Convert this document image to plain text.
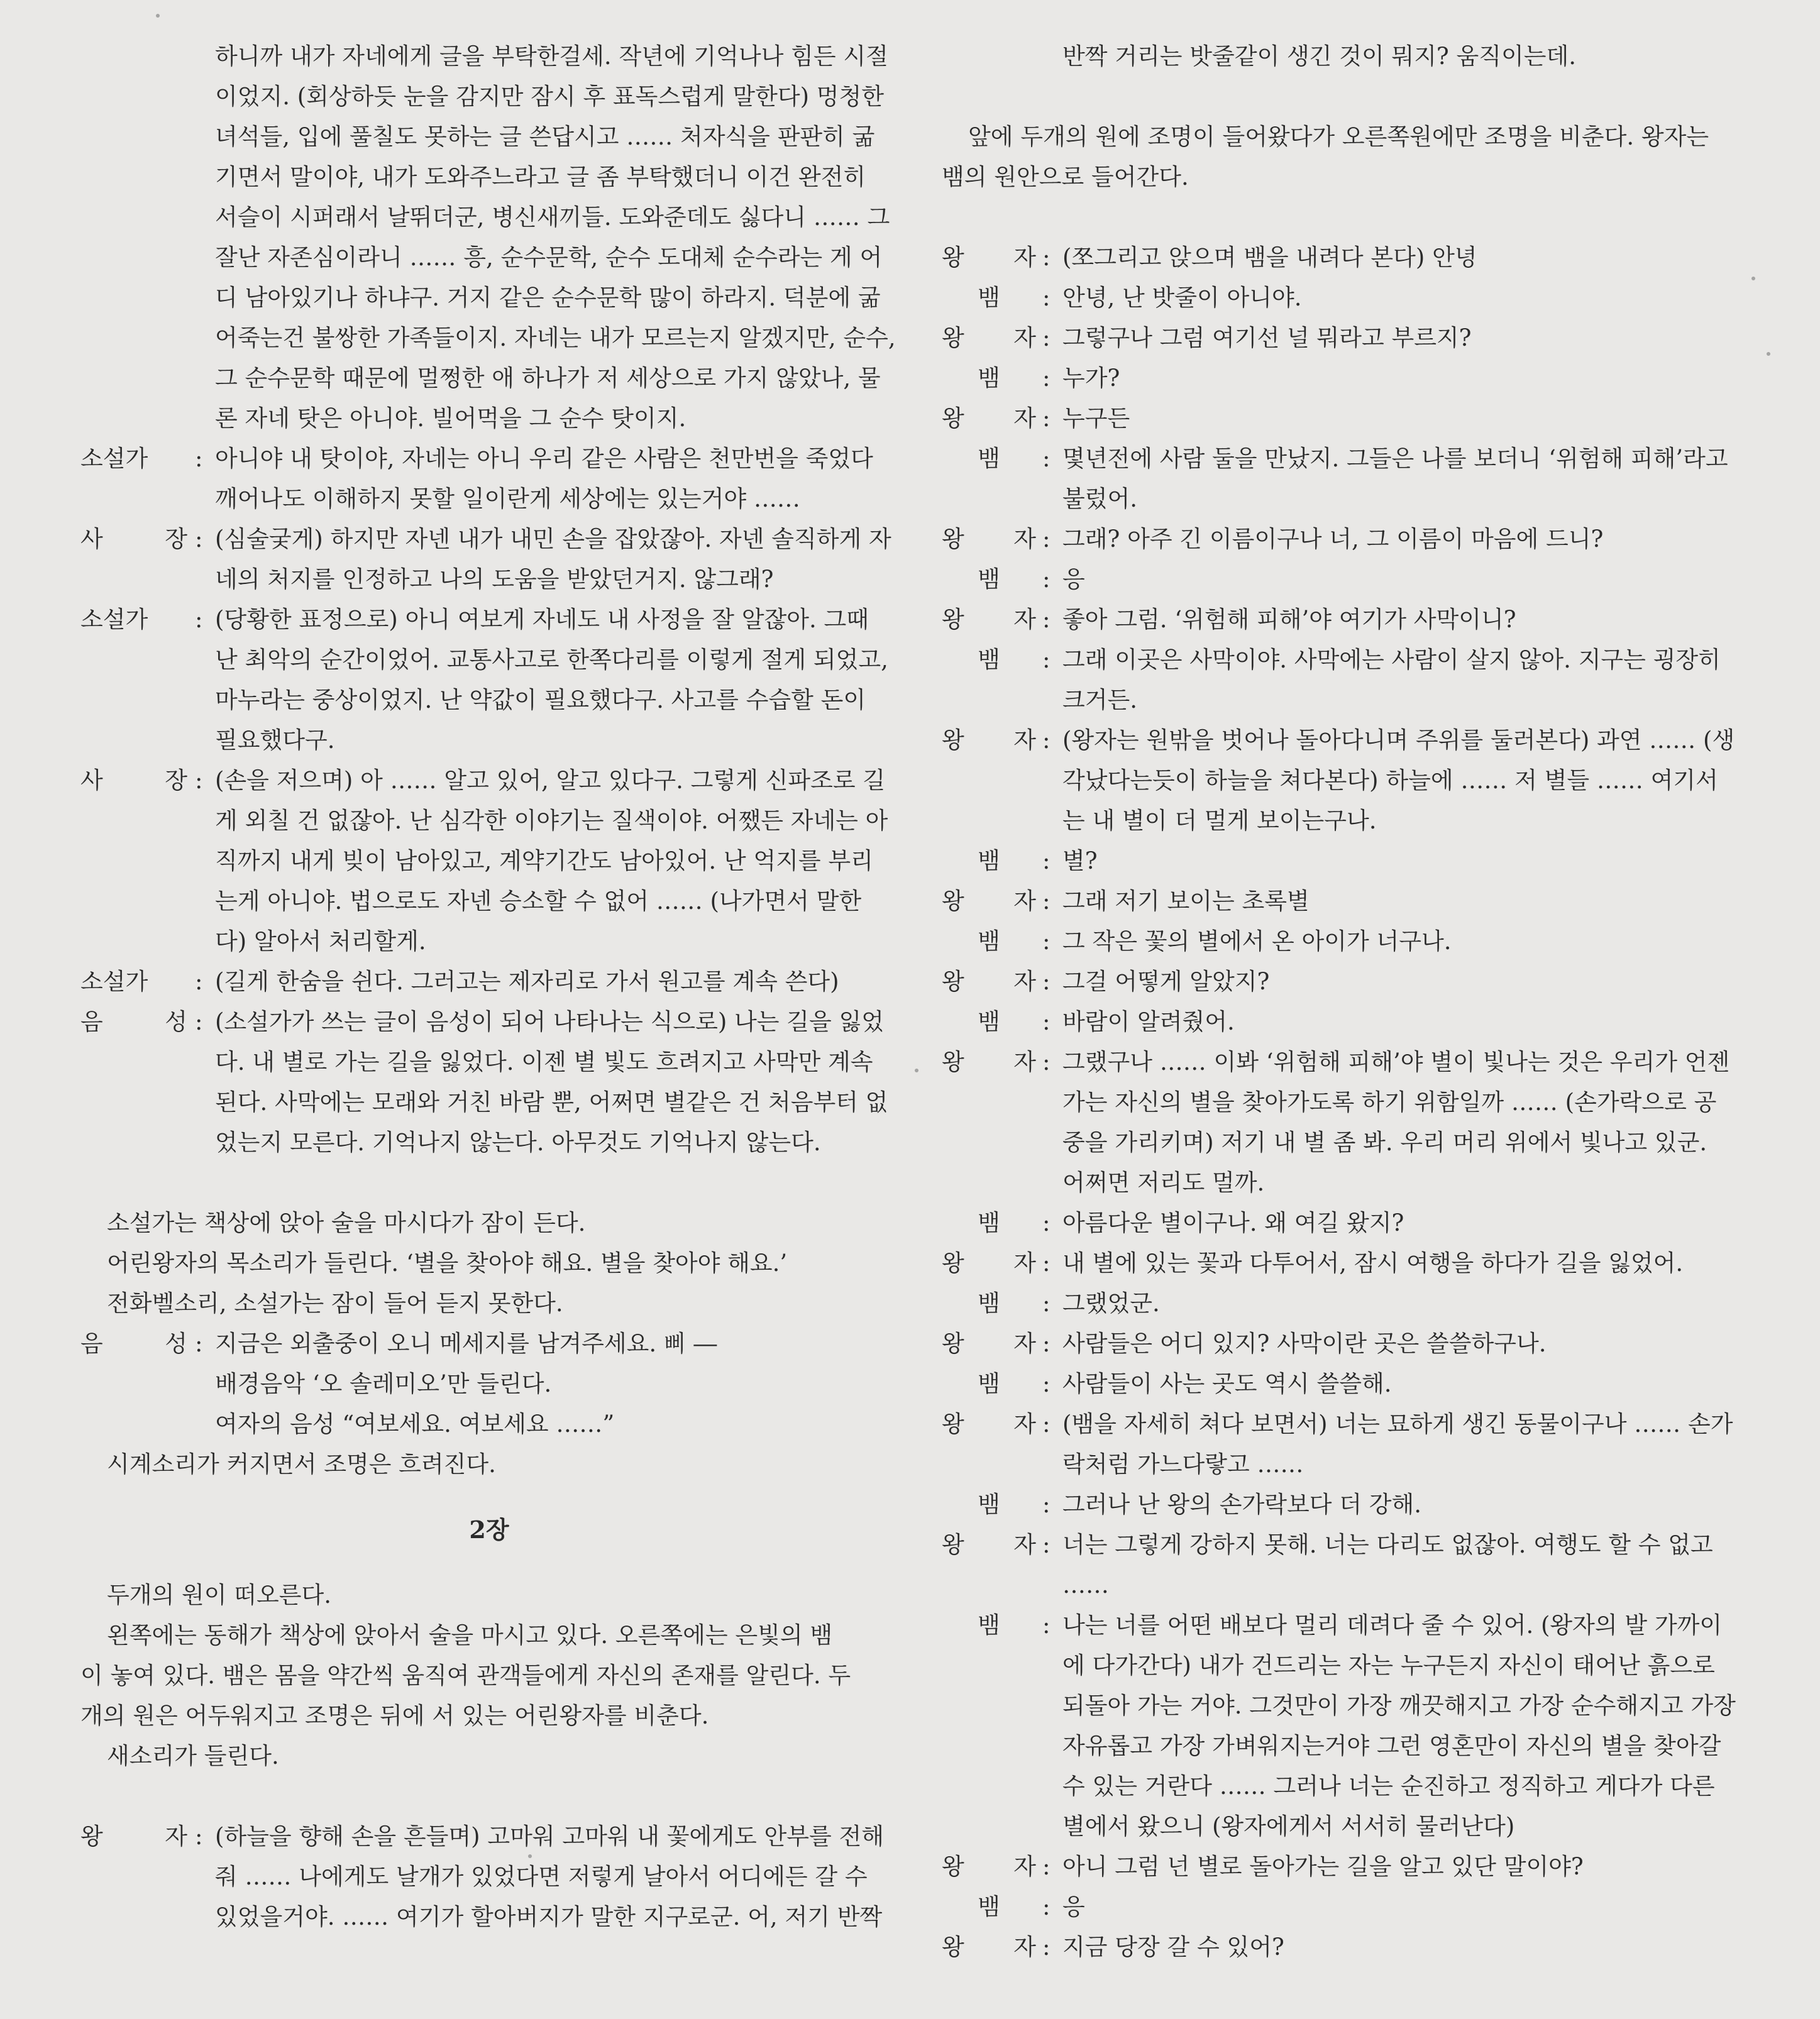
하니까 내가 자네에게 글을 부탁한걸세. 작년에 기억나나 힘든 시절
이었지. (회상하듯 눈을 감지만 잠시 후 표독스럽게 말한다) 멍청한
녀석들, 입에 풀칠도 못하는 글 쓴답시고 …… 처자식을 판판히 굶
기면서 말이야, 내가 도와주느라고 글 좀 부탁했더니 이건 완전히
서슬이 시퍼래서 날뛰더군, 병신새끼들. 도와준데도 싫다니 …… 그
잘난 자존심이라니 …… 흥, 순수문학, 순수 도대체 순수라는 게 어
디 남아있기나 하냐구. 거지 같은 순수문학 많이 하라지. 덕분에 굶
어죽는건 불쌍한 가족들이지. 자네는 내가 모르는지 알겠지만, 순수,
그 순수문학 때문에 멀쩡한 애 하나가 저 세상으로 가지 않았나, 물
론 자네 탓은 아니야. 빌어먹을 그 순수 탓이지.
소설가	: 아니야 내 탓이야, 자네는 아니 우리 같은 사람은 천만번을 죽었다
깨어나도 이해하지 못할 일이란게 세상에는 있는거야 ……
사 장 : (심술궂게) 하지만 자넨 내가 내민 손을 잡았잖아. 자넨 솔직하게 자
네의 처지를 인정하고 나의 도움을 받았던거지. 않그래?
소설가	: (당황한 표정으로) 아니 여보게 자네도 내 사정을 잘 알잖아. 그때
난 최악의 순간이었어. 교통사고로 한쪽다리를 이렇게 절게 되었고,
마누라는 중상이었지. 난 약값이 필요했다구. 사고를 수습할 돈이
필요했다구.
사 장 : (손을 저으며) 아 …… 알고 있어, 알고 있다구. 그렇게 신파조로 길
게 외칠 건 없잖아. 난 심각한 이야기는 질색이야. 어쨌든 자네는 아
직까지 내게 빚이 남아있고, 계약기간도 남아있어. 난 억지를 부리
는게 아니야. 법으로도 자넨 승소할 수 없어 …… (나가면서 말한
다) 알아서 처리할게.
소설가	: (길게 한숨을 쉰다. 그러고는 제자리로 가서 원고를 계속 쓴다)
음 성 : (소설가가 쓰는 글이 음성이 되어 나타나는 식으로) 나는 길을 잃었
다. 내 별로 가는 길을 잃었다. 이젠 별 빛도 흐려지고 사막만 계속
된다. 사막에는 모래와 거친 바람 뿐, 어쩌면 별같은 건 처음부터 없
었는지 모른다. 기억나지 않는다. 아무것도 기억나지 않는다.
소설가는 책상에 앉아 술을 마시다가 잠이 든다.
어린왕자의 목소리가 들린다. ‘별을 찾아야 해요. 별을 찾아야 해요.’
전화벨소리, 소설가는 잠이 들어 듣지 못한다.
음 성 : 지금은 외출중이 오니 메세지를 남겨주세요. 삐 ―
배경음악 ‘오 솔레미오’만 들린다.
여자의 음성 “여보세요. 여보세요 ……”
시계소리가 커지면서 조명은 흐려진다.
2장
두개의 원이 떠오른다.
왼쪽에는 동해가 책상에 앉아서 술을 마시고 있다. 오른쪽에는 은빛의 뱀
이 놓여 있다. 뱀은 몸을 약간씩 움직여 관객들에게 자신의 존재를 알린다. 두
개의 원은 어두워지고 조명은 뒤에 서 있는 어린왕자를 비춘다.
새소리가 들린다.
왕 자 : (하늘을 향해 손을 흔들며) 고마워 고마워 내 꽃에게도 안부를 전해
줘 …… 나에게도 날개가 있었다면 저렇게 날아서 어디에든 갈 수
있었을거야. …… 여기가 할아버지가 말한 지구로군. 어, 저기 반짝
반짝 거리는 밧줄같이 생긴 것이 뭐지? 움직이는데.
앞에 두개의 원에 조명이 들어왔다가 오른쪽원에만 조명을 비춘다. 왕자는
뱀의 원안으로 들어간다.
왕 자 : (쪼그리고 앉으며 뱀을 내려다 본다) 안녕
뱀	: 안녕, 난 밧줄이 아니야.
왕 자 : 그렇구나 그럼 여기선 널 뭐라고 부르지?
뱀	: 누가?
왕 자 : 누구든
뱀	: 몇년전에 사람 둘을 만났지. 그들은 나를 보더니 ‘위험해 피해’라고
불렀어.
왕 자 : 그래? 아주 긴 이름이구나 너, 그 이름이 마음에 드니?
뱀	: 응
왕 자 : 좋아 그럼. ‘위험해 피해’야 여기가 사막이니?
뱀	: 그래 이곳은 사막이야. 사막에는 사람이 살지 않아. 지구는 굉장히
크거든.
왕 자 : (왕자는 원밖을 벗어나 돌아다니며 주위를 둘러본다) 과연 …… (생
각났다는듯이 하늘을 쳐다본다) 하늘에 …… 저 별들 …… 여기서
는 내 별이 더 멀게 보이는구나.
뱀	: 별?
왕 자 : 그래 저기 보이는 초록별
뱀	: 그 작은 꽃의 별에서 온 아이가 너구나.
왕 자 : 그걸 어떻게 알았지?
뱀	: 바람이 알려줬어.
왕 자 : 그랬구나 …… 이봐 ‘위험해 피해’야 별이 빛나는 것은 우리가 언젠
가는 자신의 별을 찾아가도록 하기 위함일까 …… (손가락으로 공
중을 가리키며) 저기 내 별 좀 봐. 우리 머리 위에서 빛나고 있군.
어쩌면 저리도 멀까.
뱀	: 아름다운 별이구나. 왜 여길 왔지?
왕 자 : 내 별에 있는 꽃과 다투어서, 잠시 여행을 하다가 길을 잃었어.
뱀	: 그랬었군.
왕 자 : 사람들은 어디 있지? 사막이란 곳은 쓸쓸하구나.
뱀	: 사람들이 사는 곳도 역시 쓸쓸해.
왕 자 : (뱀을 자세히 쳐다 보면서) 너는 묘하게 생긴 동물이구나 …… 손가
락처럼 가느다랗고 ……
뱀	: 그러나 난 왕의 손가락보다 더 강해.
왕 자 : 너는 그렇게 강하지 못해. 너는 다리도 없잖아. 여행도 할 수 없고
……
뱀	: 나는 너를 어떤 배보다 멀리 데려다 줄 수 있어. (왕자의 발 가까이
에 다가간다) 내가 건드리는 자는 누구든지 자신이 태어난 흙으로
되돌아 가는 거야. 그것만이 가장 깨끗해지고 가장 순수해지고 가장
자유롭고 가장 가벼워지는거야 그런 영혼만이 자신의 별을 찾아갈
수 있는 거란다 …… 그러나 너는 순진하고 정직하고 게다가 다른
별에서 왔으니 (왕자에게서 서서히 물러난다)
왕 자 : 아니 그럼 넌 별로 돌아가는 길을 알고 있단 말이야?
뱀	: 응
왕 자 : 지금 당장 갈 수 있어?
